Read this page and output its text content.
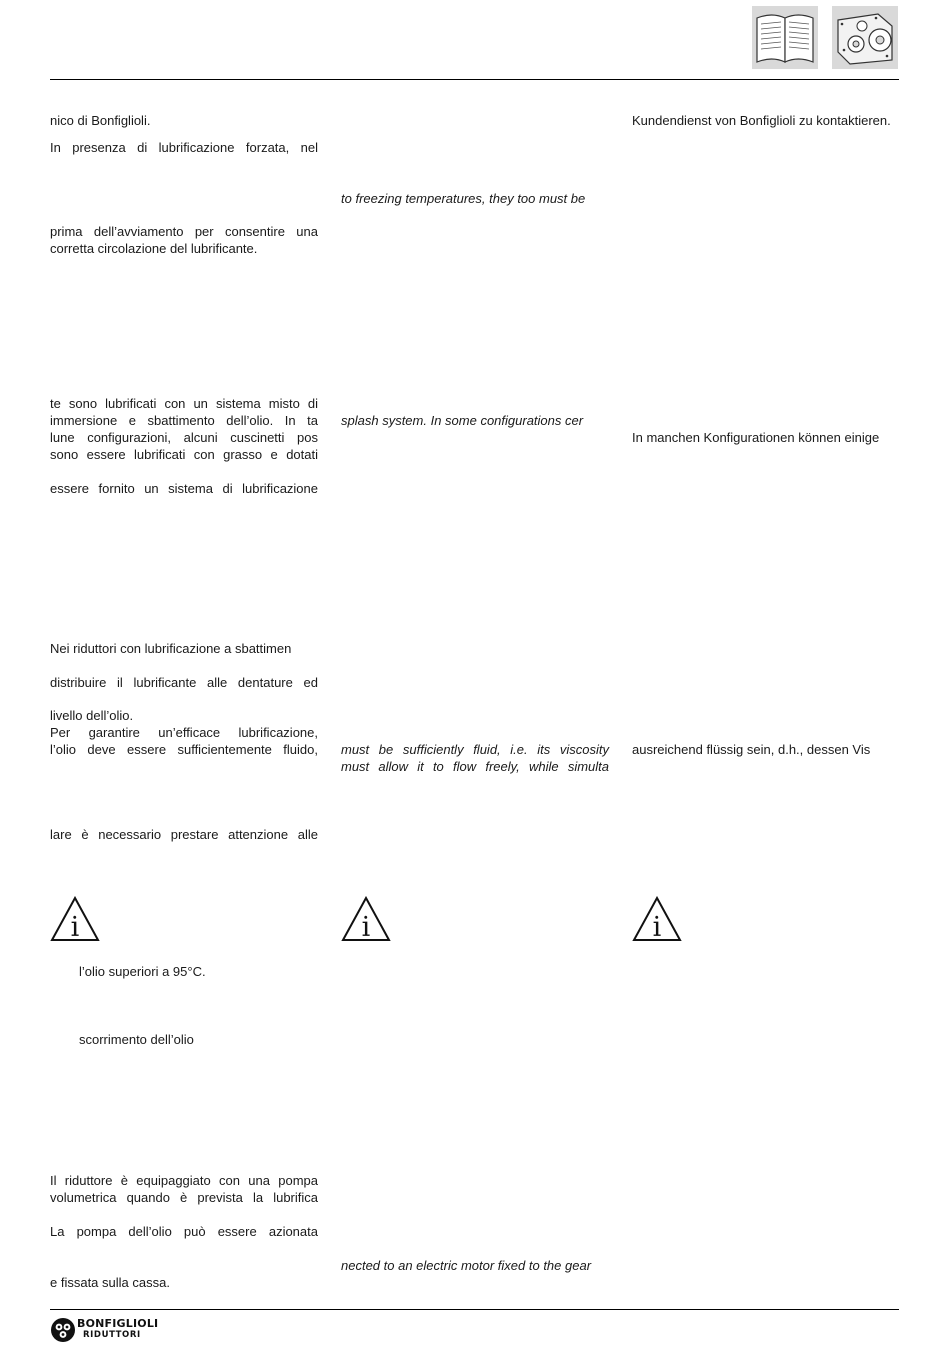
nico di Bonfiglioli.
In presenza di lubrificazione forzata, nel
prima dell’avviamento per consentire una
corretta circolazione del lubrificante.
te sono lubrificati con un sistema misto di
immersione e sbattimento dell’olio. In ta
lune configurazioni, alcuni cuscinetti pos
sono essere lubrificati con grasso e dotati
essere fornito un sistema di lubrificazione
Nei riduttori con lubrificazione a sbattimen
distribuire il lubrificante alle dentature ed
livello dell’olio.
Per garantire un’efficace lubrificazione,
l’olio deve essere sufficientemente fluido,
lare è necessario prestare attenzione alle
i	i	i
l’olio superiori a 95°C.
scorrimento dell’olio
Il riduttore è equipaggiato con una pompa
volumetrica quando è prevista la lubrifica
La pompa dell’olio può essere azionata
e fissata sulla cassa.
to freezing temperatures, they too must be
splash system. In some configurations cer
must be sufficiently fluid, i.e. its viscosity
must allow it to flow freely, while simulta
nected to an electric motor fixed to the gear
Kundendienst von Bonfiglioli zu kontaktieren.
In manchen Konfigurationen können einige
ausreichend flüssig sein, d.h., dessen Vis
BONFIGLIOLI
RIDUTTORI
